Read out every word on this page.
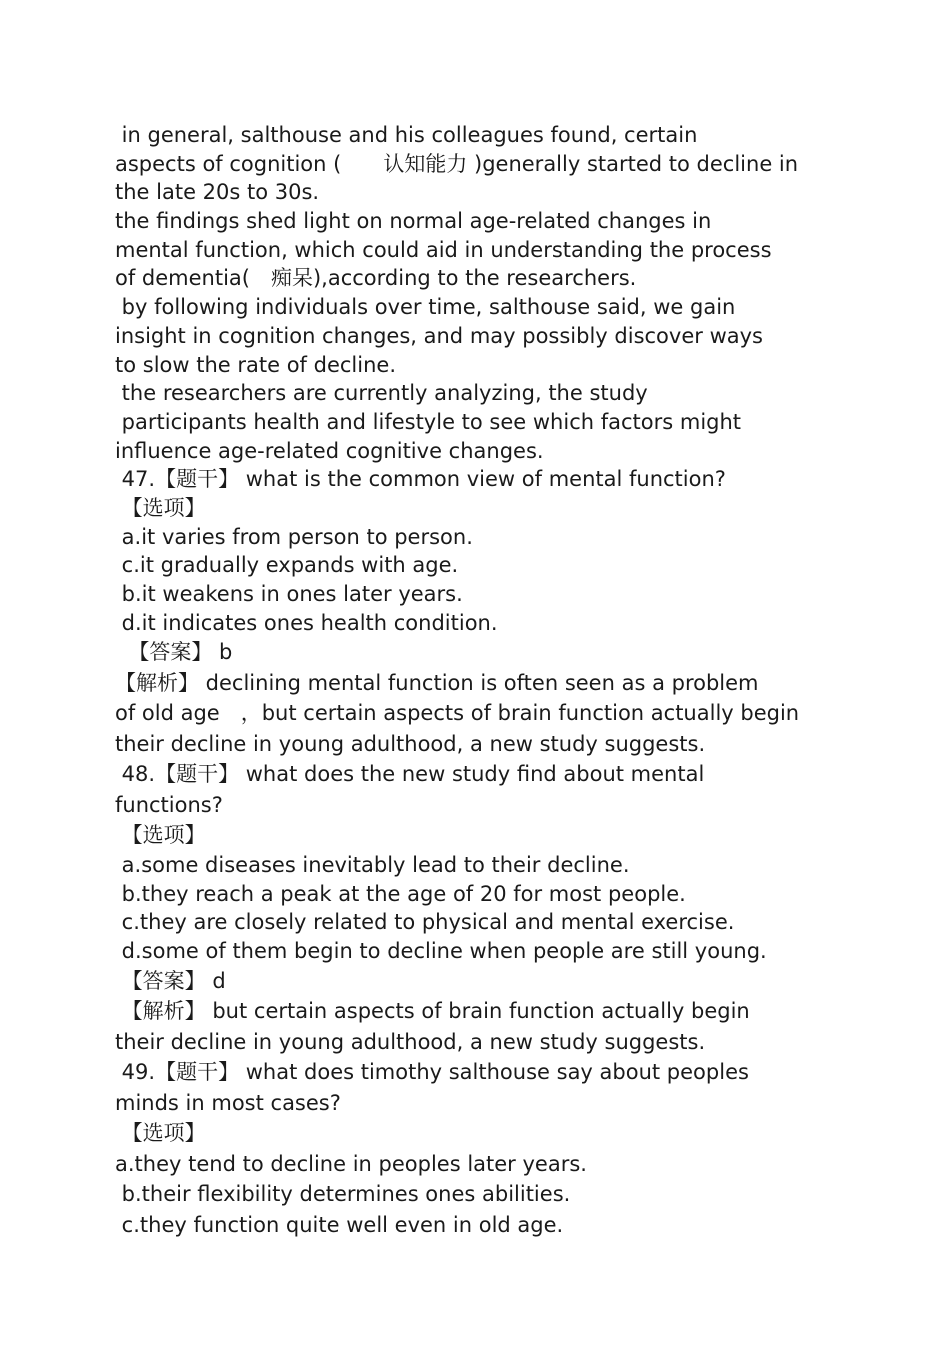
in general, salthouse and his colleagues found, certain
aspects of cognition (　　认知能力 )generally started to decline in
the late 20s to 30s.
the findings shed light on normal age-related changes in
mental function, which could aid in understanding the process
of dementia(　痴呆),according to the researchers.
by following individuals over time, salthouse said, we gain
insight in cognition changes, and may possibly discover ways
to slow the rate of decline.
the researchers are currently analyzing, the study
participants health and lifestyle to see which factors might
influence age-related cognitive changes.
47.【题干】 what is the common view of mental function?
【选项】
a.it varies from person to person.
c.it gradually expands with age.
b.it weakens in ones later years.
d.it indicates ones health condition.
【答案】 b
【解析】 declining mental function is often seen as a problem
of old age　，but certain aspects of brain function actually begin
their decline in young adulthood, a new study suggests.
48.【题干】 what does the new study find about mental
functions?
【选项】
a.some diseases inevitably lead to their decline.
b.they reach a peak at the age of 20 for most people.
c.they are closely related to physical and mental exercise.
d.some of them begin to decline when people are still young.
【答案】 d
【解析】 but certain aspects of brain function actually begin
their decline in young adulthood, a new study suggests.
49.【题干】 what does timothy salthouse say about peoples
minds in most cases?
【选项】
a.they tend to decline in peoples later years.
b.their flexibility determines ones abilities.
c.they function quite well even in old age.
